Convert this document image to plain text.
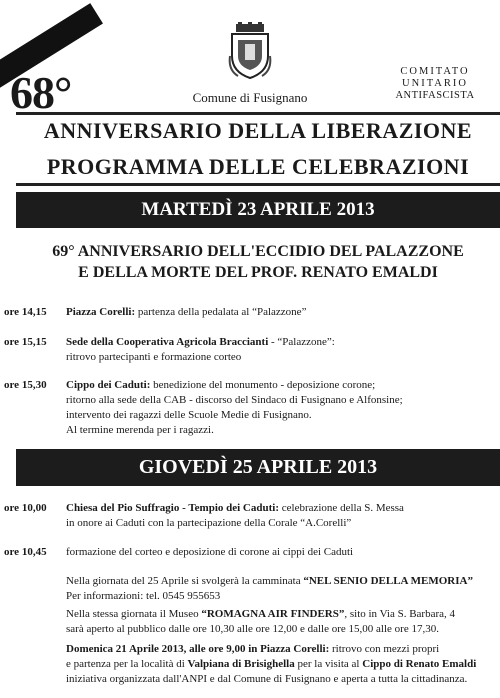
68°	Comune di Fusignano
COMITATO
UNITARIO
ANTIFASCISTA
ANNIVERSARIO DELLA LIBERAZIONE
PROGRAMMA DELLE CELEBRAZIONI
MARTEDÌ 23 APRILE 2013
69° ANNIVERSARIO DELL'ECCIDIO DEL PALAZZONE
E DELLA MORTE DEL PROF. RENATO EMALDI
ore 14,15 Piazza Corelli: partenza della pedalata al “Palazzone”
ore 15,15 Sede della Cooperativa Agricola Braccianti - “Palazzone”:
ritrovo partecipanti e formazione corteo
ore 15,30 Cippo dei Caduti: benedizione del monumento - deposizione corone;
ritorno alla sede della CAB - discorso del Sindaco di Fusignano e Alfonsine;
intervento dei ragazzi delle Scuole Medie di Fusignano.
Al termine merenda per i ragazzi.
GIOVEDÌ 25 APRILE 2013
ore 10,00 Chiesa del Pio Suffragio - Tempio dei Caduti: celebrazione della S. Messa
in onore ai Caduti con la partecipazione della Corale “A.Corelli”
ore 10,45 formazione del corteo e deposizione di corone ai cippi dei Caduti
Nella giornata del 25 Aprile si svolgerà la camminata “NEL SENIO DELLA MEMORIA”
Per informazioni: tel. 0545 955653
Nella stessa giornata il Museo “ROMAGNA AIR FINDERS”, sito in Via S. Barbara, 4
sarà aperto al pubblico dalle ore 10,30 alle ore 12,00 e dalle ore 15,00 alle ore 17,30.
Domenica 21 Aprile 2013, alle ore 9,00 in Piazza Corelli: ritrovo con mezzi propri
e partenza per la località di Valpiana di Brisighella per la visita al Cippo di Renato Emaldi
iniziativa organizzata dall'ANPI e dal Comune di Fusignano e aperta a tutta la cittadinanza.
